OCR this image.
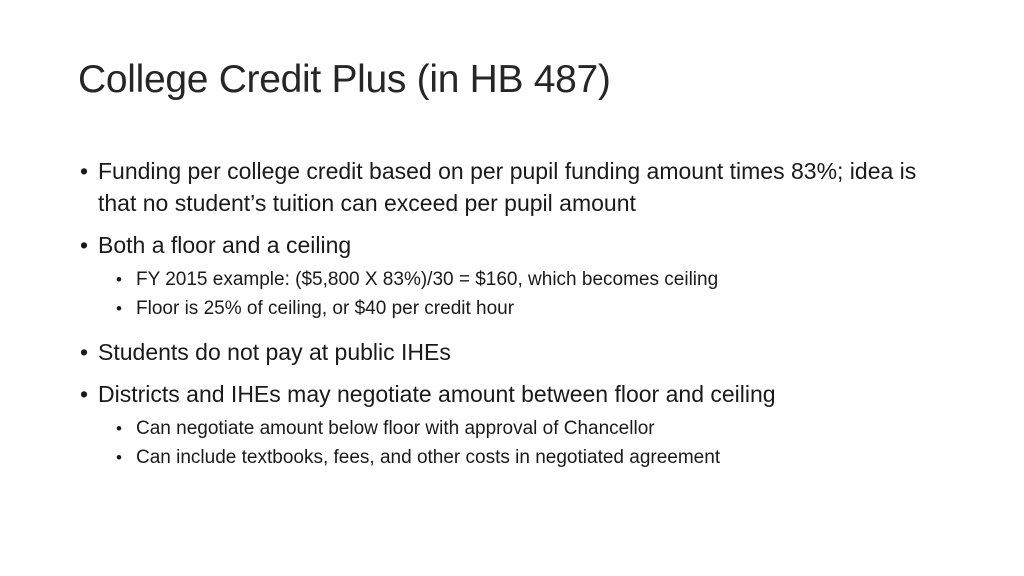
College Credit Plus (in HB 487)
• Funding per college credit based on per pupil funding amount times 83%; idea is that no student’s tuition can exceed per pupil amount
• Both a floor and a ceiling
• FY 2015 example: ($5,800 X 83%)/30 = $160, which becomes ceiling
• Floor is 25% of ceiling, or $40 per credit hour
• Students do not pay at public IHEs
• Districts and IHEs may negotiate amount between floor and ceiling
• Can negotiate amount below floor with approval of Chancellor
• Can include textbooks, fees, and other costs in negotiated agreement
